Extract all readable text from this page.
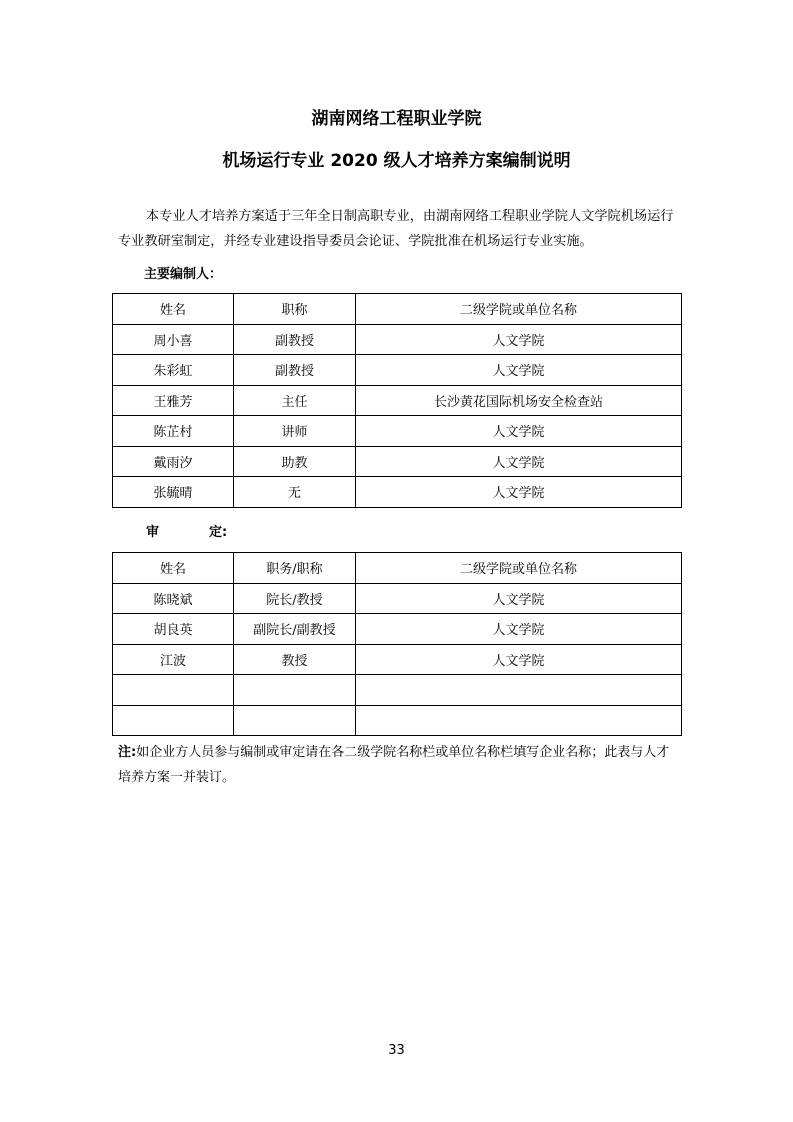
湖南网络工程职业学院
机场运行专业 2020 级人才培养方案编制说明
本专业人才培养方案适于三年全日制高职专业，由湖南网络工程职业学院人文学院机场运行专业教研室制定，并经专业建设指导委员会论证、学院批准在机场运行专业实施。
主要编制人：
姓名	职称	二级学院或单位名称
周小喜	副教授	人文学院
朱彩虹	副教授	人文学院
王雅芳	主任	长沙黄花国际机场安全检查站
陈芷村	讲师	人文学院
戴雨汐	助教	人文学院
张毓晴	无	人文学院
审	定:
姓名	职务/职称	二级学院或单位名称
陈晓斌	院长/教授	人文学院
胡良英	副院长/副教授	人文学院
江波	教授	人文学院

注:如企业方人员参与编制或审定请在各二级学院名称栏或单位名称栏填写企业名称；此表与人才培养方案一并装订。
33
